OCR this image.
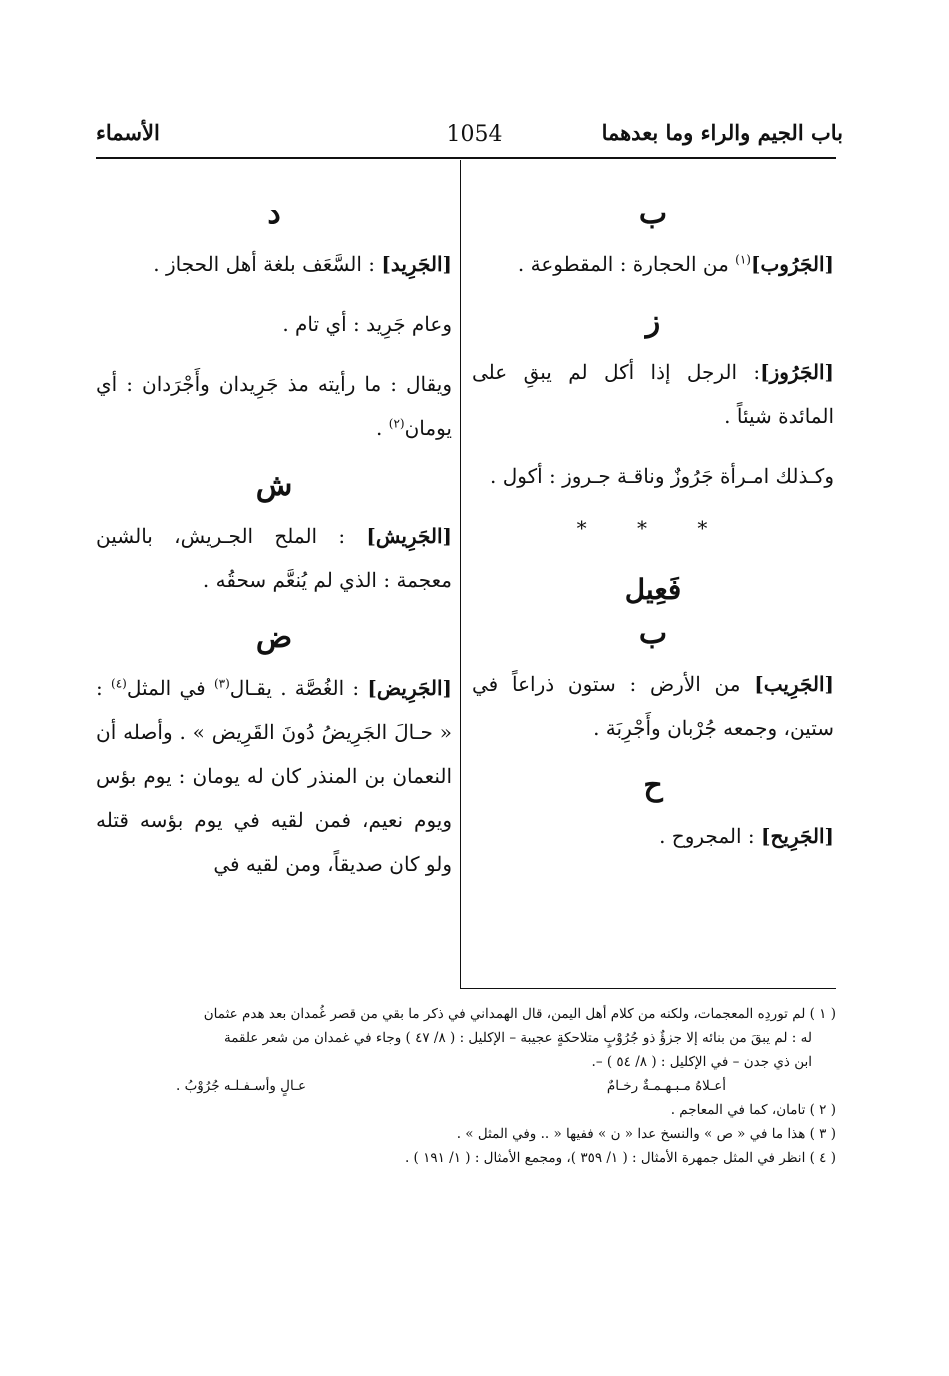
باب الجيم والراء وما بعدهما
1054
الأسماء
ب

[الجَرُوب]$^{(١)}$ من الحجارة : المقطوعة .

ز

[الجَرُوز]: الرجل إذا أكل لم يبقِ على المائدة شيئاً .

وكـذلك امـرأة جَرُوزٌ وناقـة جـروز : أكول .

* * *
فَعِيل
ب

[الجَرِيب] من الأرض : ستون ذراعاً في ستين، وجمعه جُرْبان وأَجْرِبَة .

ح

[الجَرِيح] : المجروح .

د

[الجَرِيد] : السَّعَف بلغة أهل الحجاز .

وعام جَرِيد : أي تام .

ويقال : ما رأيته مذ جَرِيدان وأَجْرَدان : أي يومان$^{(٢)}$ .

ش

[الجَرِيش] : الملح الجـريش، بالشين معجمة : الذي لم يُنعَّم سحقُه .

ض

[الجَرِيض] : الغُصَّة . يقـال$^{(٣)}$ في المثل$^{(٤)}$ : « حـالَ الجَرِيضُ دُونَ القَرِيض » . وأصله أن النعمان بن المنذر كان له يومان : يوم بؤس ويوم نعيم، فمن لقيه في يوم بؤسه قتله ولو كان صديقاً، ومن لقيه في

( ١ ) لم توردِه المعجمات، ولكنه من كلام أهل اليمن، قال الهمداني في ذكر ما بقي من قصر غُمدان بعد هدم عثمان

له : لم يبقَ من بنائه إلا جزؤٌ ذو جُرُوْبٍ متلاحكةٍ عجيبة – الإكليل : ( ٨/ ٤٧ ) وجاء في غمدان من شعر علقمة

ابن ذي جدن – في الإكليل : ( ٨/ ٥٤ ) –.

أعـلاهُ مـبـهـمـةٌ رخـامٌ
عـالٍ وأسـفـلـه جُرُوْبُ .

( ٢ ) تامان، كما في المعاجم .

( ٣ ) هذا ما في « ص » والنسخ عدا « ن » ففيها « .. وفي المثل » .

( ٤ ) انظر في المثل جمهرة الأمثال : ( ١/ ٣٥٩ )، ومجمع الأمثال : ( ١/ ١٩١ ) .
